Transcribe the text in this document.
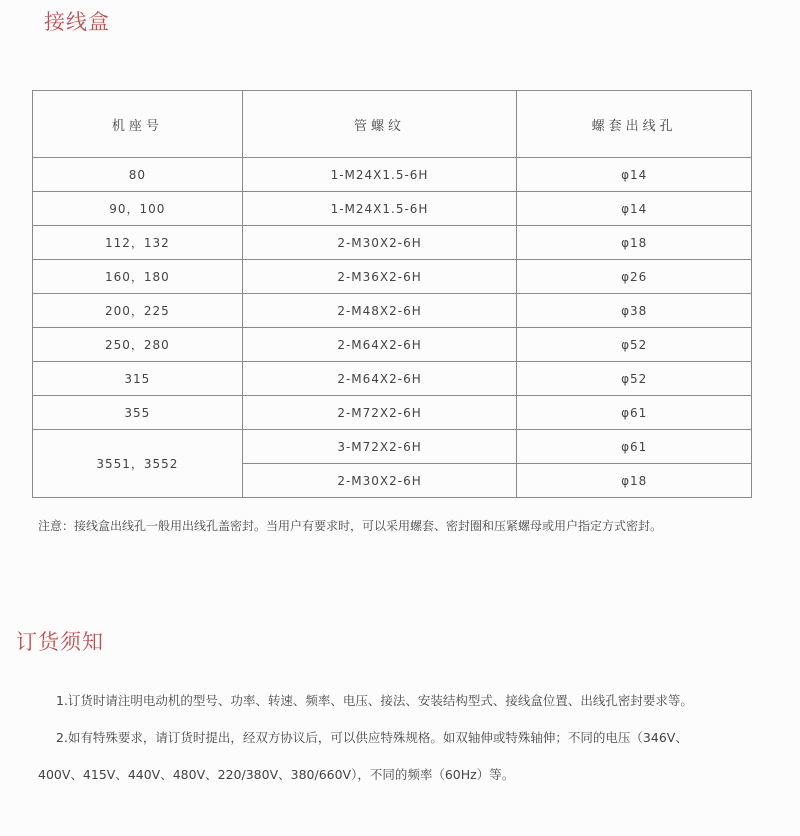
接线盒
机座号	管螺纹	螺套出线孔
80	1-M24X1.5-6H	φ14
90，100	1-M24X1.5-6H	φ14
112，132	2-M30X2-6H	φ18
160，180	2-M36X2-6H	φ26
200，225	2-M48X2-6H	φ38
250，280	2-M64X2-6H	φ52
315	2-M64X2-6H	φ52
355	2-M72X2-6H	φ61
3551，3552	3-M72X2-6H	φ61
	2-M30X2-6H	φ18

注意：接线盒出线孔一般用出线孔盖密封。当用户有要求时，可以采用螺套、密封圈和压紧螺母或用户指定方式密封。

订货须知
1.订货时请注明电动机的型号、功率、转速、频率、电压、接法、安装结构型式、接线盒位置、出线孔密封要求等。
2.如有特殊要求，请订货时提出，经双方协议后，可以供应特殊规格。如双轴伸或特殊轴伸；不同的电压（346V、
400V、415V、440V、480V、220/380V、380/660V），不同的频率（60Hz）等。
